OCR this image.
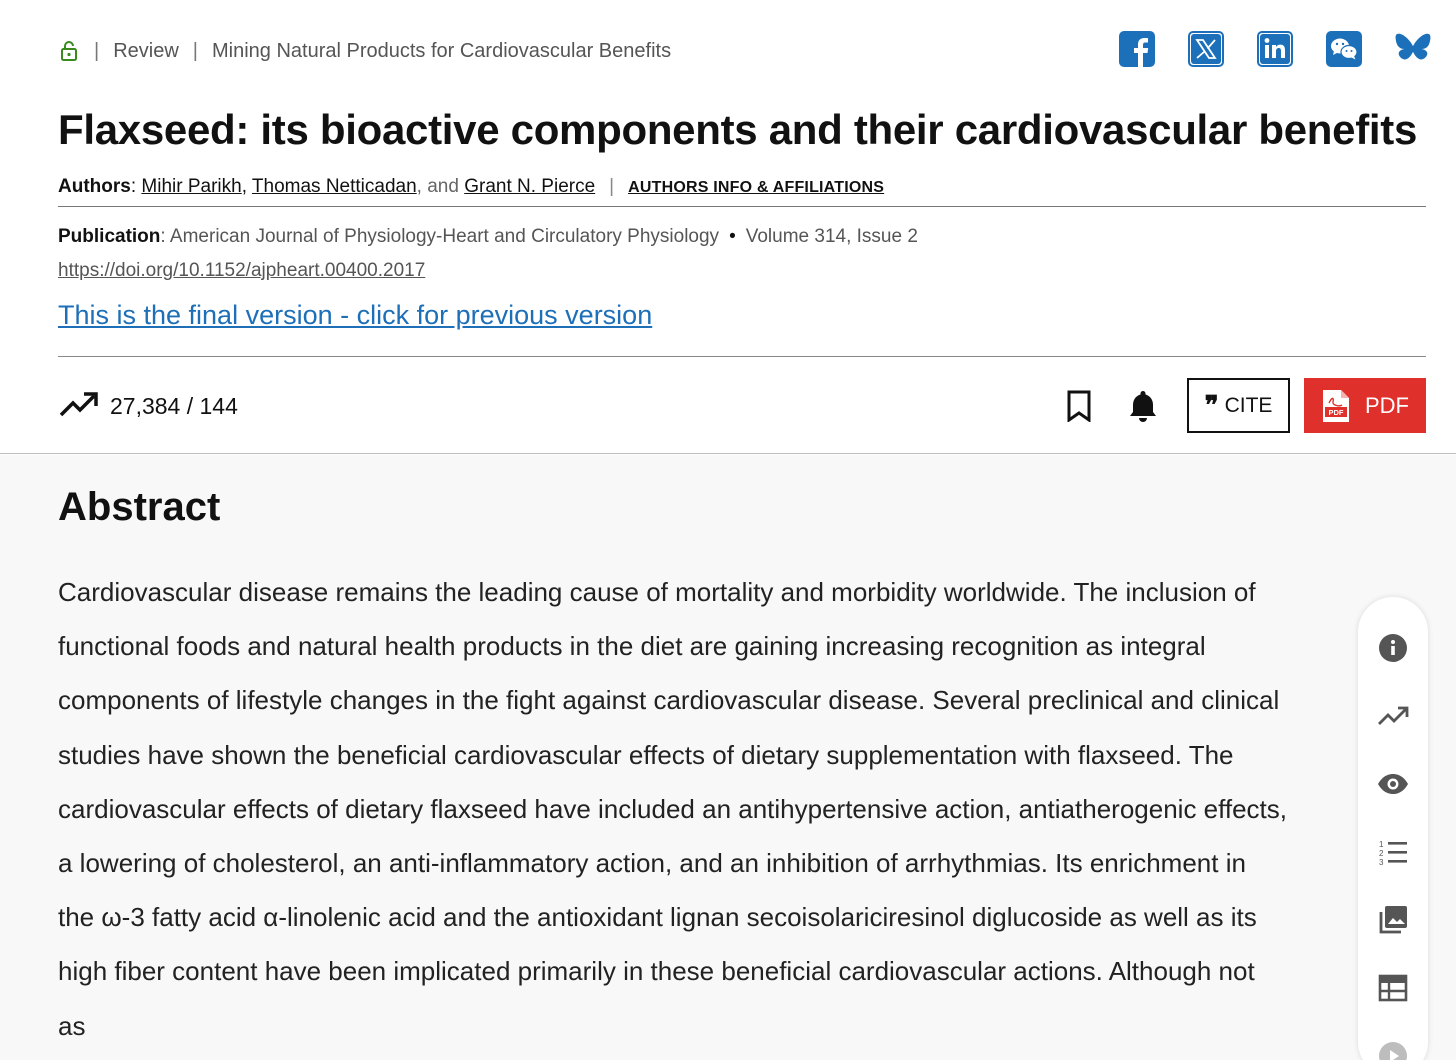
| Review | Mining Natural Products for Cardiovascular Benefits
Flaxseed: its bioactive components and their cardiovascular benefits
Authors: Mihir Parikh, Thomas Netticadan, and Grant N. Pierce | AUTHORS INFO & AFFILIATIONS
Publication: American Journal of Physiology-Heart and Circulatory Physiology • Volume 314, Issue 2
https://doi.org/10.1152/ajpheart.00400.2017
This is the final version - click for previous version
27,384 / 144	❞ CITE	PDF PDF
Abstract

Cardiovascular disease remains the leading cause of mortality and morbidity worldwide. The inclusion of functional foods and natural health products in the diet are gaining increasing recognition as integral components of lifestyle changes in the fight against cardiovascular disease. Several preclinical and clinical studies have shown the beneficial cardiovascular effects of dietary supplementation with flaxseed. The cardiovascular effects of dietary flaxseed have included an antihypertensive action, antiatherogenic effects, a lowering of cholesterol, an anti-inflammatory action, and an inhibition of arrhythmias. Its enrichment in the ω-3 fatty acid α-linolenic acid and the antioxidant lignan secoisolariciresinol diglucoside as well as its high fiber content have been implicated primarily in these beneficial cardiovascular actions. Although not as

1
2
3
